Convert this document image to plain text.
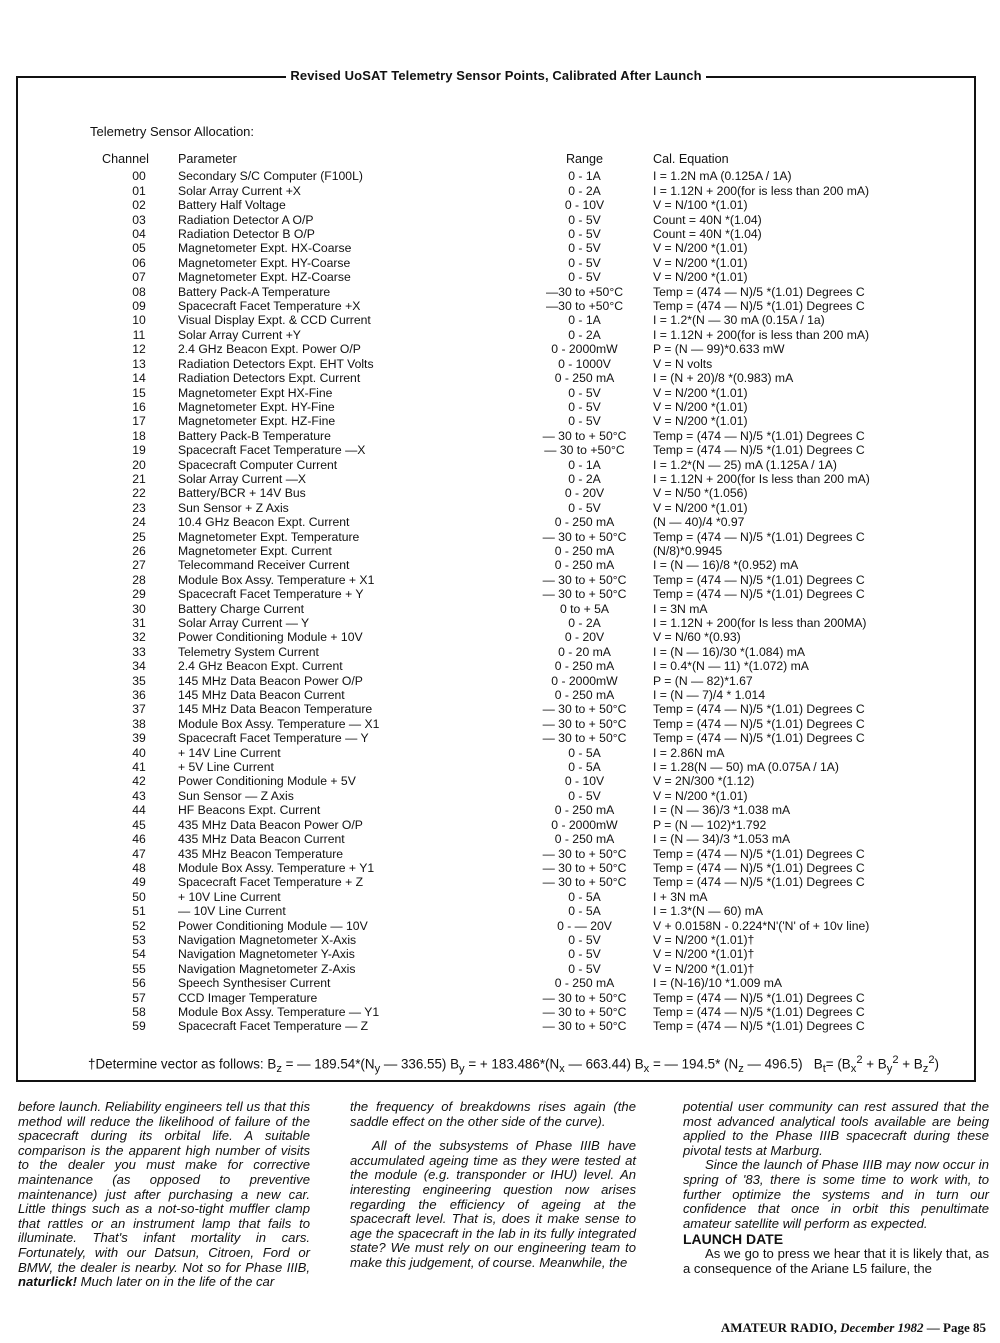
Revised UoSAT Telemetry Sensor Points, Calibrated After Launch
Telemetry Sensor Allocation:
Channel	Parameter	Range	Cal. Equation
00	Secondary S/C Computer (F100L)	0 - 1A	I = 1.2N mA (0.125A / 1A)
01	Solar Array Current +X	0 - 2A	I = 1.12N + 200(for is less than 200 mA)
02	Battery Half Voltage	0 - 10V	V = N/100 *(1.01)
03	Radiation Detector A O/P	0 - 5V	Count = 40N *(1.04)
04	Radiation Detector B O/P	0 - 5V	Count = 40N *(1.04)
05	Magnetometer Expt. HX-Coarse	0 - 5V	V = N/200 *(1.01)
06	Magnetometer Expt. HY-Coarse	0 - 5V	V = N/200 *(1.01)
07	Magnetometer Expt. HZ-Coarse	0 - 5V	V = N/200 *(1.01)
08	Battery Pack-A Temperature	—30 to +50°C	Temp = (474 — N)/5 *(1.01) Degrees C
09	Spacecraft Facet Temperature +X	—30 to +50°C	Temp = (474 — N)/5 *(1.01) Degrees C
10	Visual Display Expt. & CCD Current	0 - 1A	I = 1.2*(N — 30 mA (0.15A / 1a)
11	Solar Array Current +Y	0 - 2A	I = 1.12N + 200(for is less than 200 mA)
12	2.4 GHz Beacon Expt. Power O/P	0 - 2000mW	P = (N — 99)*0.633 mW
13	Radiation Detectors Expt. EHT Volts	0 - 1000V	V = N volts
14	Radiation Detectors Expt. Current	0 - 250 mA	I = (N + 20)/8 *(0.983) mA
15	Magnetometer Expt HX-Fine	0 - 5V	V = N/200 *(1.01)
16	Magnetometer Expt. HY-Fine	0 - 5V	V = N/200 *(1.01)
17	Magnetometer Expt. HZ-Fine	0 - 5V	V = N/200 *(1.01)
18	Battery Pack-B Temperature	— 30 to + 50°C	Temp = (474 — N)/5 *(1.01) Degrees C
19	Spacecraft Facet Temperature —X	— 30 to +50°C	Temp = (474 — N)/5 *(1.01) Degrees C
20	Spacecraft Computer Current	0 - 1A	I = 1.2*(N — 25) mA (1.125A / 1A)
21	Solar Array Current —X	0 - 2A	I = 1.12N + 200(for Is less than 200 mA)
22	Battery/BCR + 14V Bus	0 - 20V	V = N/50 *(1.056)
23	Sun Sensor + Z Axis	0 - 5V	V = N/200 *(1.01)
24	10.4 GHz Beacon Expt. Current	0 - 250 mA	(N — 40)/4 *0.97
25	Magnetometer Expt. Temperature	— 30 to + 50°C	Temp = (474 — N)/5 *(1.01) Degrees C
26	Magnetometer Expt. Current	0 - 250 mA	(N/8)*0.9945
27	Telecommand Receiver Current	0 - 250 mA	I = (N — 16)/8 *(0.952) mA
28	Module Box Assy. Temperature + X1	— 30 to + 50°C	Temp = (474 — N)/5 *(1.01) Degrees C
29	Spacecraft Facet Temperature + Y	— 30 to + 50°C	Temp = (474 — N)/5 *(1.01) Degrees C
30	Battery Charge Current	0 to + 5A	I = 3N mA
31	Solar Array Current — Y	0 - 2A	I = 1.12N + 200(for Is less than 200MA)
32	Power Conditioning Module + 10V	0 - 20V	V = N/60 *(0.93)
33	Telemetry System Current	0 - 20 mA	I = (N — 16)/30 *(1.084) mA
34	2.4 GHz Beacon Expt. Current	0 - 250 mA	I = 0.4*(N — 11) *(1.072) mA
35	145 MHz Data Beacon Power O/P	0 - 2000mW	P = (N — 82)*1.67
36	145 MHz Data Beacon Current	0 - 250 mA	I = (N — 7)/4 * 1.014
37	145 MHz Data Beacon Temperature	— 30 to + 50°C	Temp = (474 — N)/5 *(1.01) Degrees C
38	Module Box Assy. Temperature — X1	— 30 to + 50°C	Temp = (474 — N)/5 *(1.01) Degrees C
39	Spacecraft Facet Temperature — Y	— 30 to + 50°C	Temp = (474 — N)/5 *(1.01) Degrees C
40	+ 14V Line Current	0 - 5A	I = 2.86N mA
41	+ 5V Line Current	0 - 5A	I = 1.28(N — 50) mA (0.075A / 1A)
42	Power Conditioning Module + 5V	0 - 10V	V = 2N/300 *(1.12)
43	Sun Sensor — Z Axis	0 - 5V	V = N/200 *(1.01)
44	HF Beacons Expt. Current	0 - 250 mA	I = (N — 36)/3 *1.038 mA
45	435 MHz Data Beacon Power O/P	0 - 2000mW	P = (N — 102)*1.792
46	435 MHz Data Beacon Current	0 - 250 mA	I = (N — 34)/3 *1.053 mA
47	435 MHz Beacon Temperature	— 30 to + 50°C	Temp = (474 — N)/5 *(1.01) Degrees C
48	Module Box Assy. Temperature + Y1	— 30 to + 50°C	Temp = (474 — N)/5 *(1.01) Degrees C
49	Spacecraft Facet Temperature + Z	— 30 to + 50°C	Temp = (474 — N)/5 *(1.01) Degrees C
50	+ 10V Line Current	0 - 5A	I + 3N mA
51	— 10V Line Current	0 - 5A	I = 1.3*(N — 60) mA
52	Power Conditioning Module — 10V	0 - — 20V	V + 0.0158N - 0.224*N'('N' of + 10v line)
53	Navigation Magnetometer X-Axis	0 - 5V	V = N/200 *(1.01)†
54	Navigation Magnetometer Y-Axis	0 - 5V	V = N/200 *(1.01)†
55	Navigation Magnetometer Z-Axis	0 - 5V	V = N/200 *(1.01)†
56	Speech Synthesiser Current	0 - 250 mA	I = (N-16)/10 *1.009 mA
57	CCD Imager Temperature	— 30 to + 50°C	Temp = (474 — N)/5 *(1.01) Degrees C
58	Module Box Assy. Temperature — Y1	— 30 to + 50°C	Temp = (474 — N)/5 *(1.01) Degrees C
59	Spacecraft Facet Temperature — Z	— 30 to + 50°C	Temp = (474 — N)/5 *(1.01) Degrees C
†Determine vector as follows: $B_z$ = — $189.54*(N_y$ — 336.55) $B_y$ = + $183.486*(N_x$ — 663.44) $B_x$ = — 194.5* ($N_z$ — 496.5) $B_t= (B_x^2 + B_y^2 + B_z^2)$

before launch. Reliability engineers tell us that this method will reduce the likelihood of failure of the spacecraft during its orbital life. A suitable comparison is the apparent high number of visits to the dealer you must make for corrective maintenance (as opposed to preventive maintenance) just after purchasing a new car. Little things such as a not-so-tight muffler clamp that rattles or an instrument lamp that fails to illuminate. That's infant mortality in cars. Fortunately, with our Datsun, Citroen, Ford or BMW, the dealer is nearby. Not so for Phase IIIB, naturlick! Much later on in the life of the car

the frequency of breakdowns rises again (the saddle effect on the other side of the curve).

All of the subsystems of Phase IIIB have accumulated ageing time as they were tested at the module (e.g. transponder or IHU) level. An interesting engineering question now arises regarding the efficiency of ageing at the spacecraft level. That is, does it make sense to age the spacecraft in the lab in its fully integrated state? We must rely on our engineering team to make this judgement, of course. Meanwhile, the

potential user community can rest assured that the most advanced analytical tools available are being applied to the Phase IIIB spacecraft during these pivotal tests at Marburg.

Since the launch of Phase IIIB may now occur in spring of '83, there is some time to work with, to further optimize the systems and in turn our confidence that once in orbit this penultimate amateur satellite will perform as expected.

LAUNCH DATE

As we go to press we hear that it is likely that, as a consequence of the Ariane L5 failure, the

AMATEUR RADIO, December 1982 — Page 85
